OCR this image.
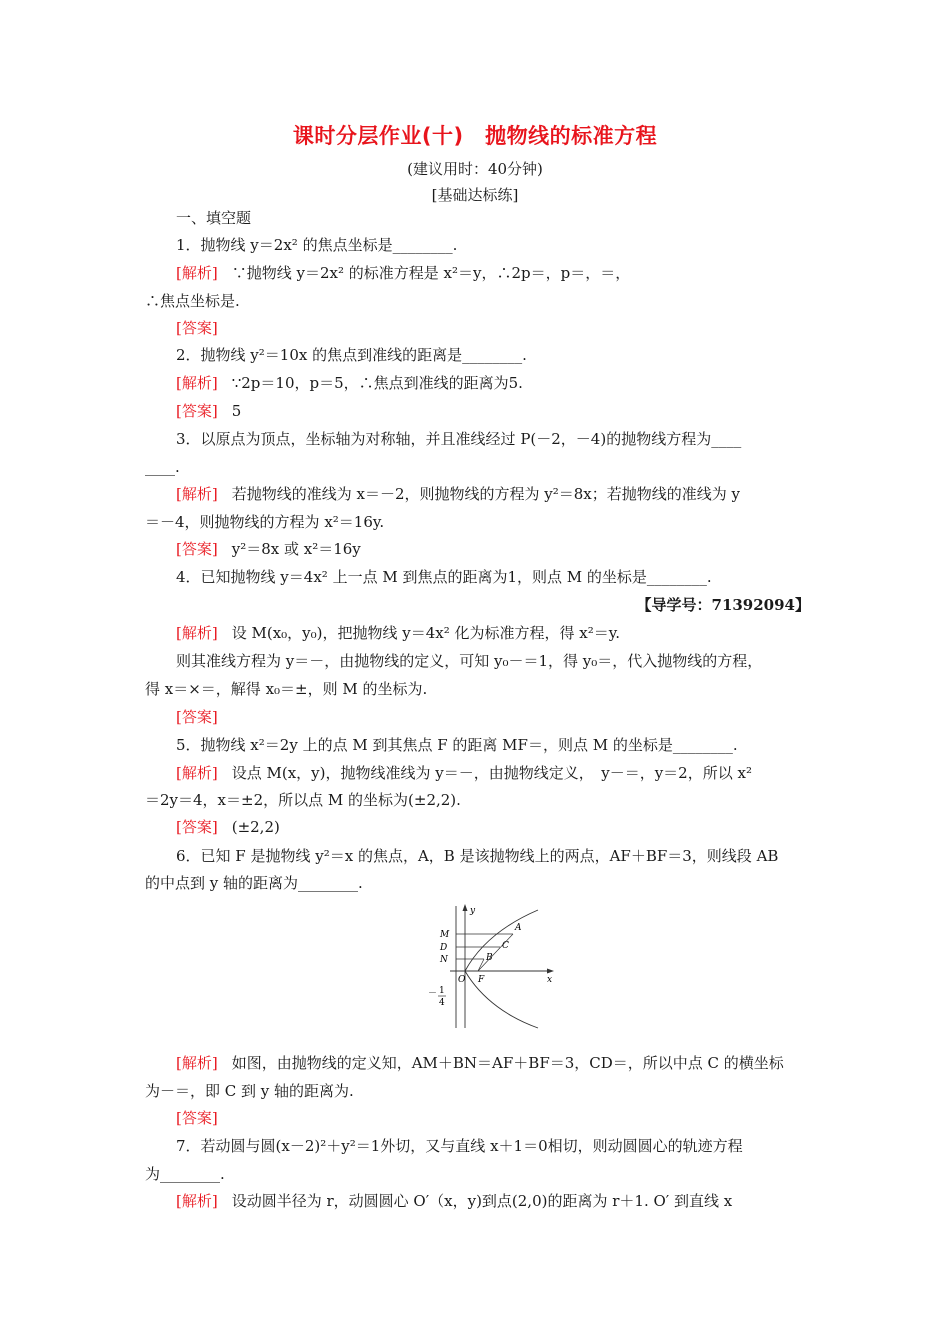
课时分层作业(十)　抛物线的标准方程
(建议用时：40分钟)
[基础达标练]
一、填空题
1．抛物线 y＝2x² 的焦点坐标是________.
[解析] ∵抛物线 y＝2x² 的标准方程是 x²＝y，∴2p＝，p＝，＝，
∴焦点坐标是.
[答案]
2．抛物线 y²＝10x 的焦点到准线的距离是________.
[解析] ∵2p＝10，p＝5，∴焦点到准线的距离为5.
[答案] 5
3．以原点为顶点，坐标轴为对称轴，并且准线经过 P(－2，－4)的抛物线方程为____
____.
[解析] 若抛物线的准线为 x＝－2，则抛物线的方程为 y²＝8x；若抛物线的准线为 y
＝－4，则抛物线的方程为 x²＝16y.
[答案] y²＝8x 或 x²＝16y
4．已知抛物线 y＝4x² 上一点 M 到焦点的距离为1，则点 M 的坐标是________.
【导学号：71392094】
[解析] 设 M(x₀，y₀)，把抛物线 y＝4x² 化为标准方程，得 x²＝y.
则其准线方程为 y＝－，由抛物线的定义，可知 y₀－＝1，得 y₀＝，代入抛物线的方程，
得 x＝×＝，解得 x₀＝±，则 M 的坐标为.
[答案]
5．抛物线 x²＝2y 上的点 M 到其焦点 F 的距离 MF＝，则点 M 的坐标是________.
[解析] 设点 M(x，y)，抛物线准线为 y＝－，由抛物线定义，　y－＝，y＝2，所以 x²
＝2y＝4，x＝±2，所以点 M 的坐标为(±2,2).
[答案] (±2,2)
6．已知 F 是抛物线 y²＝x 的焦点，A，B 是该抛物线上的两点，AF＋BF＝3，则线段 AB
的中点到 y 轴的距离为________.
y
M
D
N
A
C
B
O F	x
－ 1
4
[解析] 如图，由抛物线的定义知，AM＋BN＝AF＋BF＝3，CD＝，所以中点 C 的横坐标
为－＝，即 C 到 y 轴的距离为.
[答案]
7．若动圆与圆(x－2)²＋y²＝1外切，又与直线 x＋1＝0相切，则动圆圆心的轨迹方程
为________.
[解析] 设动圆半径为 r，动圆圆心 O′（x，y)到点(2,0)的距离为 r＋1. O′ 到直线 x
